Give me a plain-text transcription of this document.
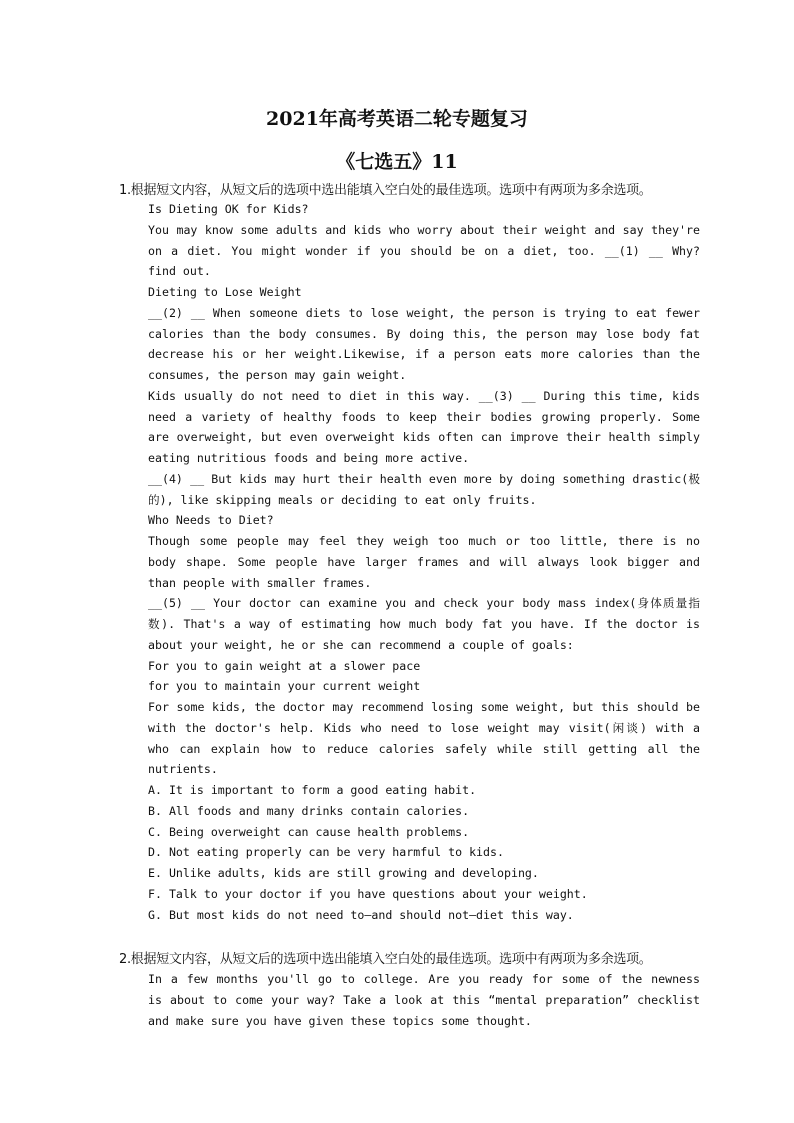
2021年高考英语二轮专题复习
《七选五》11
1.根据短文内容，从短文后的选项中选出能填入空白处的最佳选项。选项中有两项为多余选项。
Is Dieting OK for Kids?
You may know some adults and kids who worry about their weight and say they're
on a diet. You might wonder if you should be on a diet, too. __(1) __ Why?
find out.
Dieting to Lose Weight
__(2) __ When someone diets to lose weight, the person is trying to eat fewer
calories than the body consumes. By doing this, the person may lose body fat
decrease his or her weight.Likewise, if a person eats more calories than the
consumes, the person may gain weight.
Kids usually do not need to diet in this way. __(3) __ During this time, kids
need a variety of healthy foods to keep their bodies growing properly. Some
are overweight, but even overweight kids often can improve their health simply
eating nutritious foods and being more active.
__(4) __ But kids may hurt their health even more by doing something drastic(极
的), like skipping meals or deciding to eat only fruits.
Who Needs to Diet?
Though some people may feel they weigh too much or too little, there is no
body shape. Some people have larger frames and will always look bigger and
than people with smaller frames.
__(5) __ Your doctor can examine you and check your body mass index(身体质量指
数). That's a way of estimating how much body fat you have. If the doctor is
about your weight, he or she can recommend a couple of goals:
For you to gain weight at a slower pace
for you to maintain your current weight
For some kids, the doctor may recommend losing some weight, but this should be
with the doctor's help. Kids who need to lose weight may visit(闲谈) with a
who can explain how to reduce calories safely while still getting all the
nutrients.
A. It is important to form a good eating habit.
B. All foods and many drinks contain calories.
C. Being overweight can cause health problems.
D. Not eating properly can be very harmful to kids.
E. Unlike adults, kids are still growing and developing.
F. Talk to your doctor if you have questions about your weight.
G. But most kids do not need to—and should not—diet this way.
2.根据短文内容，从短文后的选项中选出能填入空白处的最佳选项。选项中有两项为多余选项。
In a few months you'll go to college. Are you ready for some of the newness
is about to come your way? Take a look at this “mental preparation” checklist
and make sure you have given these topics some thought.
